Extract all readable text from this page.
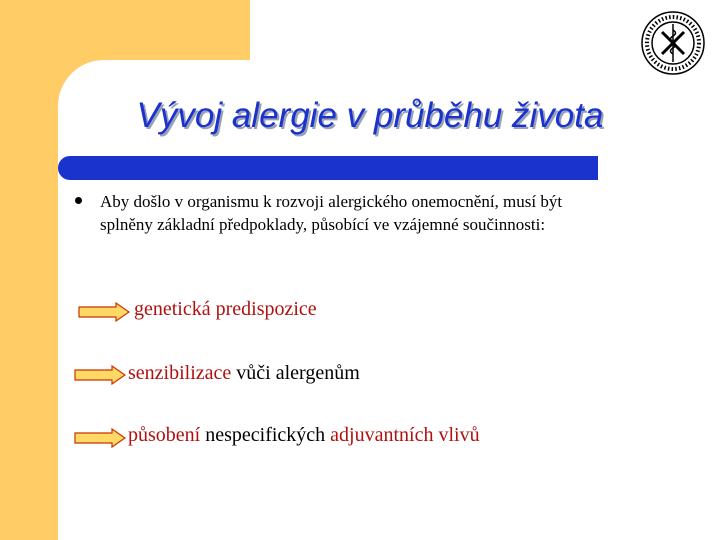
Vývoj alergie v průběhu života
Aby došlo v organismu k rozvoji alergického onemocnění, musí být
splněny základní předpoklady, působící ve vzájemné součinnosti:
genetická predispozice
senzibilizace vůči alergenům
působení nespecifických adjuvantních vlivů
